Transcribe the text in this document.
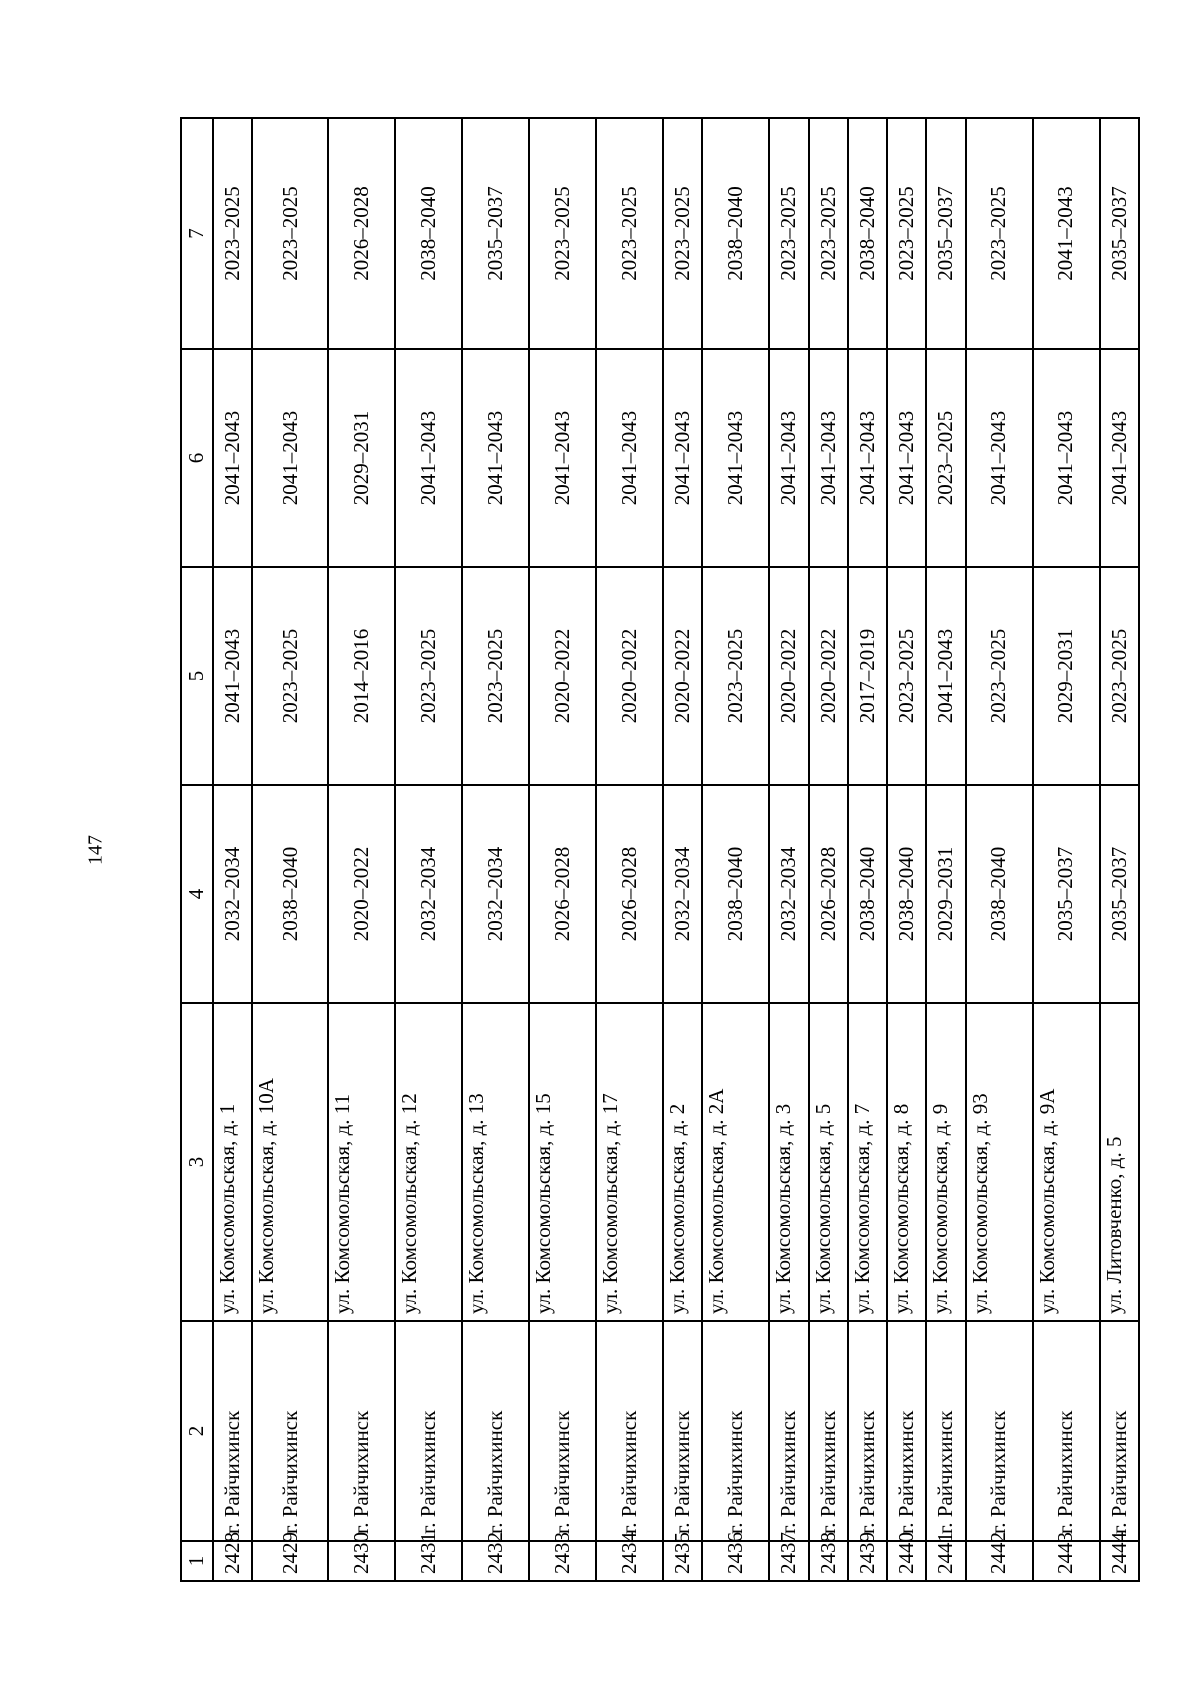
147
1	2	3	4	5	6	7
2428	г. Райчихинск	ул. Комсомольская, д. 1	2032–2034	2041–2043	2041–2043	2023–2025
2429	г. Райчихинск	ул. Комсомольская, д. 10А	2038–2040	2023–2025	2041–2043	2023–2025
2430	г. Райчихинск	ул. Комсомольская, д. 11	2020–2022	2014–2016	2029–2031	2026–2028
2431	г. Райчихинск	ул. Комсомольская, д. 12	2032–2034	2023–2025	2041–2043	2038–2040
2432	г. Райчихинск	ул. Комсомольская, д. 13	2032–2034	2023–2025	2041–2043	2035–2037
2433	г. Райчихинск	ул. Комсомольская, д. 15	2026–2028	2020–2022	2041–2043	2023–2025
2434	г. Райчихинск	ул. Комсомольская, д. 17	2026–2028	2020–2022	2041–2043	2023–2025
2435	г. Райчихинск	ул. Комсомольская, д. 2	2032–2034	2020–2022	2041–2043	2023–2025
2436	г. Райчихинск	ул. Комсомольская, д. 2А	2038–2040	2023–2025	2041–2043	2038–2040
2437	г. Райчихинск	ул. Комсомольская, д. 3	2032–2034	2020–2022	2041–2043	2023–2025
2438	г. Райчихинск	ул. Комсомольская, д. 5	2026–2028	2020–2022	2041–2043	2023–2025
2439	г. Райчихинск	ул. Комсомольская, д. 7	2038–2040	2017–2019	2041–2043	2038–2040
2440	г. Райчихинск	ул. Комсомольская, д. 8	2038–2040	2023–2025	2041–2043	2023–2025
2441	г. Райчихинск	ул. Комсомольская, д. 9	2029–2031	2041–2043	2023–2025	2035–2037
2442	г. Райчихинск	ул. Комсомольская, д. 93	2038–2040	2023–2025	2041–2043	2023–2025
2443	г. Райчихинск	ул. Комсомольская, д. 9А	2035–2037	2029–2031	2041–2043	2041–2043
2444	г. Райчихинск	ул. Литовченко, д. 5	2035–2037	2023–2025	2041–2043	2035–2037
